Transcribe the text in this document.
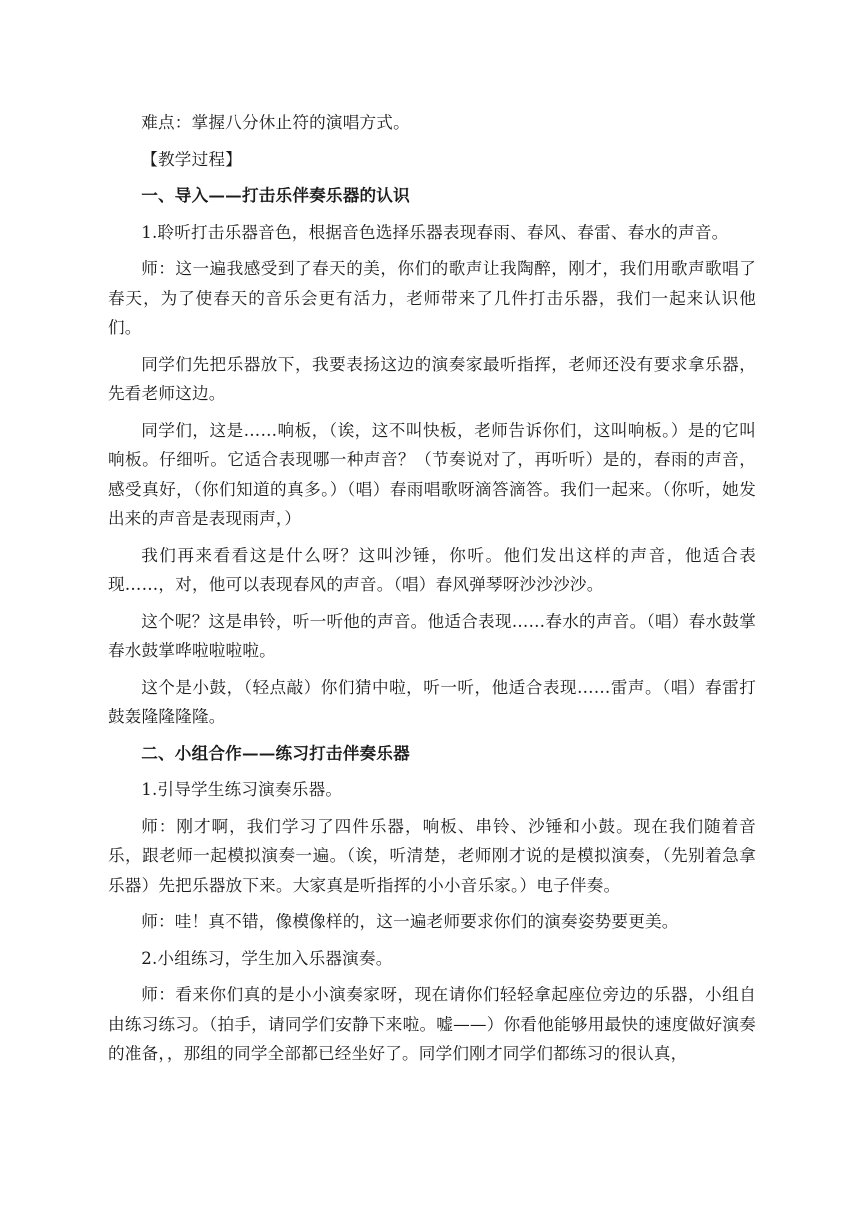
难点：掌握八分休止符的演唱方式。

【教学过程】

一、导入——打击乐伴奏乐器的认识

1.聆听打击乐器音色，根据音色选择乐器表现春雨、春风、春雷、春水的声音。

师：这一遍我感受到了春天的美，你们的歌声让我陶醉，刚才，我们用歌声歌唱了春天，为了使春天的音乐会更有活力，老师带来了几件打击乐器，我们一起来认识他们。

同学们先把乐器放下，我要表扬这边的演奏家最听指挥，老师还没有要求拿乐器，先看老师这边。

同学们，这是……响板，（诶，这不叫快板，老师告诉你们，这叫响板。）是的它叫响板。仔细听。它适合表现哪一种声音？（节奏说对了，再听听）是的，春雨的声音，感受真好，（你们知道的真多。）（唱）春雨唱歌呀滴答滴答。我们一起来。（你听，她发出来的声音是表现雨声，）

我们再来看看这是什么呀？这叫沙锤，你听。他们发出这样的声音，他适合表现……，对，他可以表现春风的声音。（唱）春风弹琴呀沙沙沙沙。

这个呢？这是串铃，听一听他的声音。他适合表现……春水的声音。（唱）春水鼓掌春水鼓掌哗啦啦啦啦。

这个是小鼓，（轻点敲）你们猜中啦，听一听，他适合表现……雷声。（唱）春雷打鼓轰隆隆隆隆。

二、小组合作——练习打击伴奏乐器

1.引导学生练习演奏乐器。

师：刚才啊，我们学习了四件乐器，响板、串铃、沙锤和小鼓。现在我们随着音乐，跟老师一起模拟演奏一遍。（诶，听清楚，老师刚才说的是模拟演奏，（先别着急拿乐器）先把乐器放下来。大家真是听指挥的小小音乐家。）电子伴奏。

师：哇！真不错，像模像样的，这一遍老师要求你们的演奏姿势要更美。

2.小组练习，学生加入乐器演奏。

师：看来你们真的是小小演奏家呀，现在请你们轻轻拿起座位旁边的乐器，小组自由练习练习。（拍手，请同学们安静下来啦。嘘——）你看他能够用最快的速度做好演奏的准备，，那组的同学全部都已经坐好了。同学们刚才同学们都练习的很认真，
